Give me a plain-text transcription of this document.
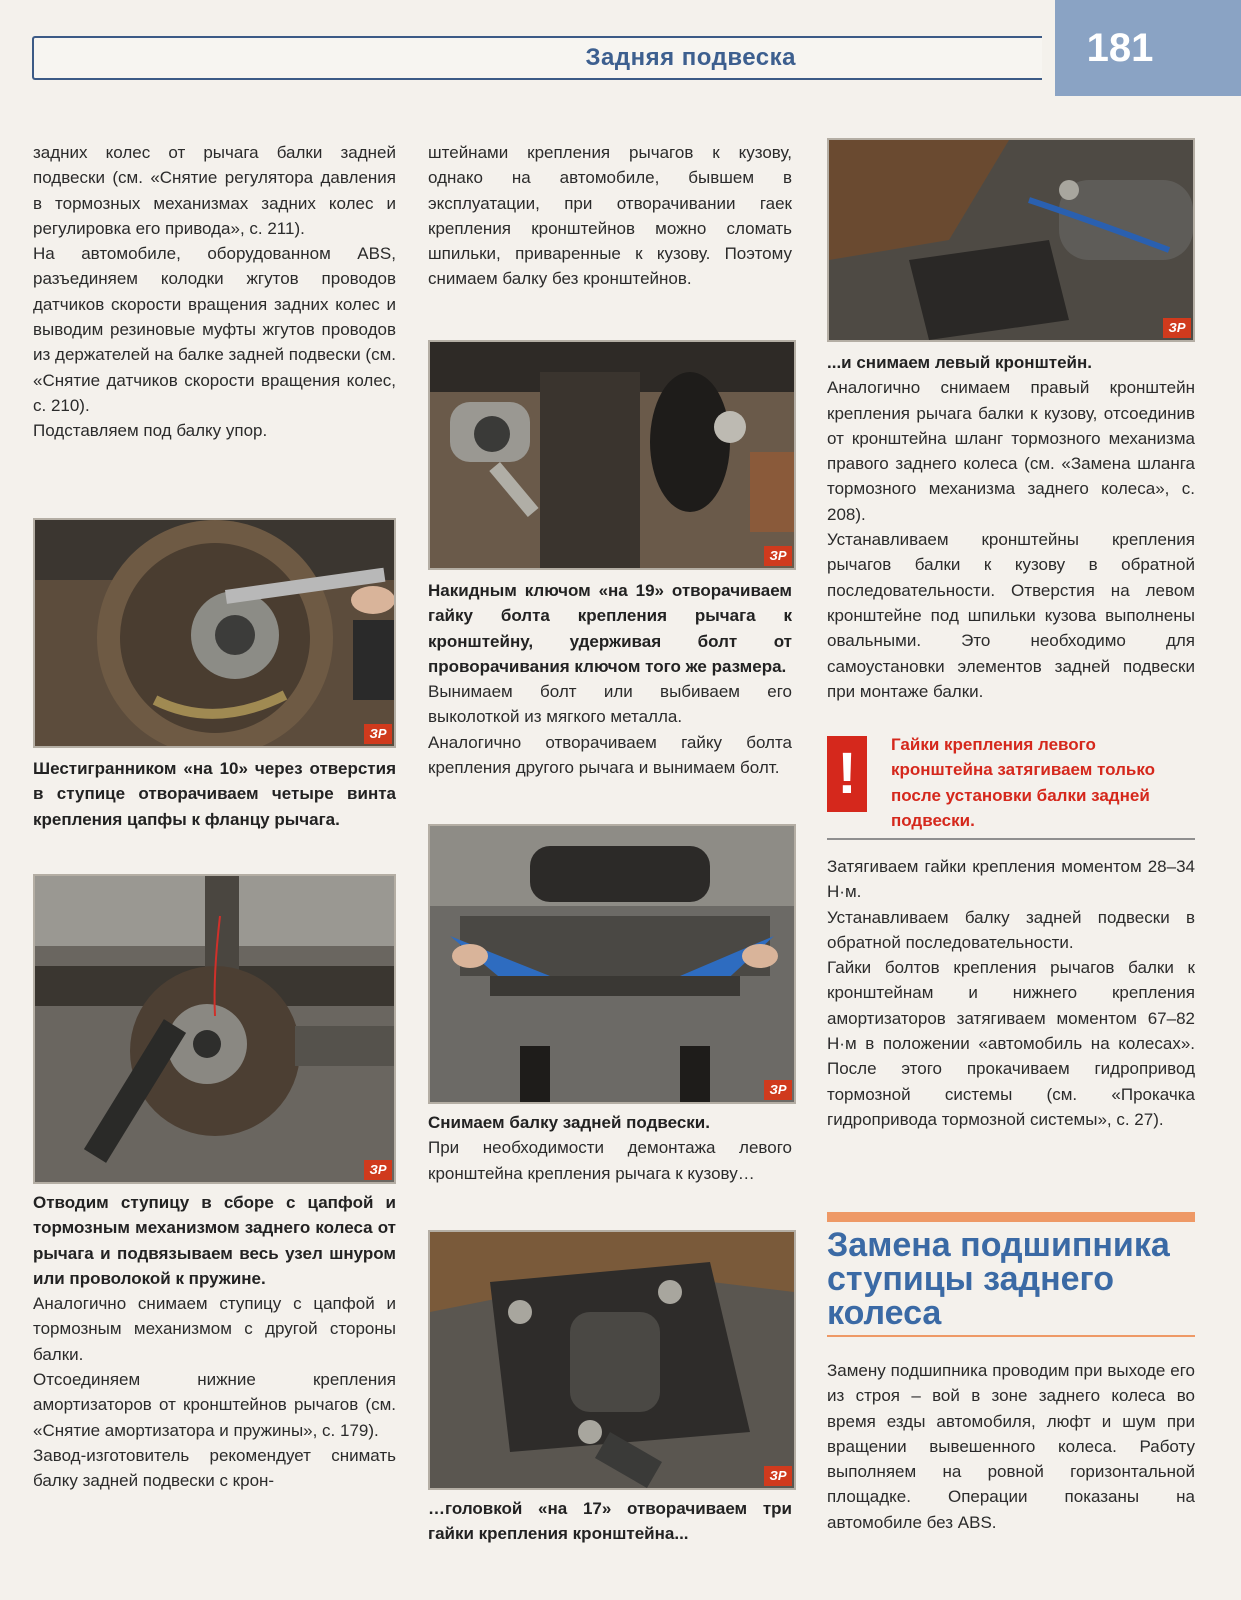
Задняя подвеска	181

задних колес от рычага балки задней подвески (см. «Снятие регулятора давления в тормозных механизмах задних колес и регулировка его привода», с. 211).

На автомобиле, оборудованном ABS, разъединяем колодки жгутов проводов датчиков скорости вращения задних колес и выводим резиновые муфты жгутов проводов из держателей на балке задней подвески (см. «Снятие датчиков скорости вращения колес, с. 210).

Подставляем под балку упор.

ЗР

Шестигранником «на 10» через отверстия в ступице отворачиваем четыре винта крепления цапфы к фланцу рычага.

ЗР

Отводим ступицу в сборе с цапфой и тормозным механизмом заднего колеса от рычага и подвязываем весь узел шнуром или проволокой к пружине.

Аналогично снимаем ступицу с цапфой и тормозным механизмом с другой стороны балки.

Отсоединяем нижние крепления амортизаторов от кронштейнов рычагов (см. «Снятие амортизатора и пружины», с. 179).

Завод-изготовитель рекомендует снимать балку задней подвески с крон-

штейнами крепления рычагов к кузову, однако на автомобиле, бывшем в эксплуатации, при отворачивании гаек крепления кронштейнов можно сломать шпильки, приваренные к кузову. Поэтому снимаем балку без кронштейнов.

ЗР

Накидным ключом «на 19» отворачиваем гайку болта крепления рычага к кронштейну, удерживая болт от проворачивания ключом того же размера.

Вынимаем болт или выбиваем его выколоткой из мягкого металла.

Аналогично отворачиваем гайку болта крепления другого рычага и вынимаем болт.

ЗР

Снимаем балку задней подвески.

При необходимости демонтажа левого кронштейна крепления рычага к кузову…

ЗР

…головкой «на 17» отворачиваем три гайки крепления кронштейна...

ЗР

...и снимаем левый кронштейн.

Аналогично снимаем правый кронштейн крепления рычага балки к кузову, отсоединив от кронштейна шланг тормозного механизма правого заднего колеса (см. «Замена шланга тормозного механизма заднего колеса», с. 208).

Устанавливаем кронштейны крепления рычагов балки к кузову в обратной последовательности. Отверстия на левом кронштейне под шпильки кузова выполнены овальными. Это необходимо для самоустановки элементов задней подвески при монтаже балки.

!	Гайки крепления левого кронштейна затягиваем только после установки балки задней подвески.

Затягиваем гайки крепления моментом 28–34 Н·м.

Устанавливаем балку задней подвески в обратной последовательности.

Гайки болтов крепления рычагов балки к кронштейнам и нижнего крепления амортизаторов затягиваем моментом 67–82 Н·м в положении «автомобиль на колесах». После этого прокачиваем гидропривод тормозной системы (см. «Прокачка гидропривода тормозной системы», с. 27).

Замена подшипника ступицы заднего колеса

Замену подшипника проводим при выходе его из строя – вой в зоне заднего колеса во время езды автомобиля, люфт и шум при вращении вывешенного колеса. Работу выполняем на ровной горизонтальной площадке. Операции показаны на автомобиле без ABS.
